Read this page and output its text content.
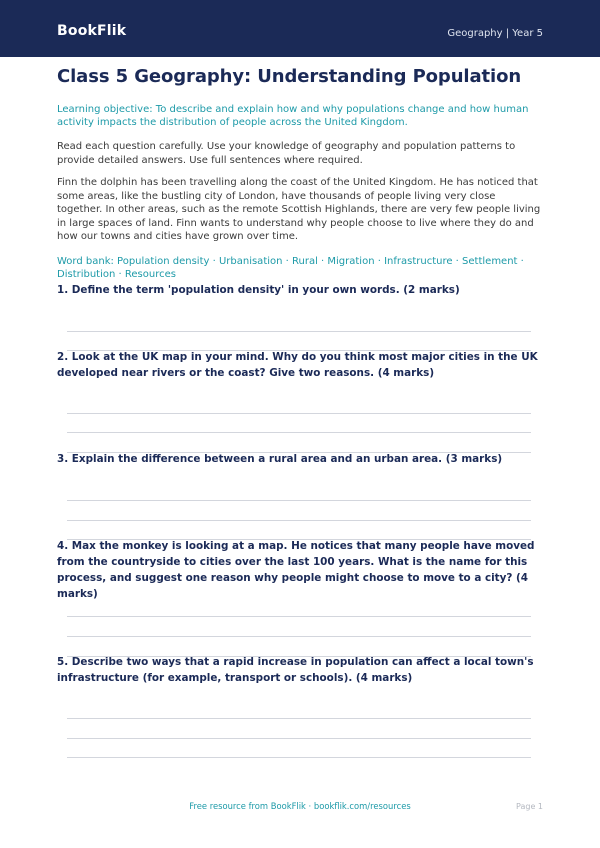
BookFlik	Geography | Year 5
Class 5 Geography: Understanding Population

Learning objective: To describe and explain how and why populations change and how human activity impacts the distribution of people across the United Kingdom.

Read each question carefully. Use your knowledge of geography and population patterns to provide detailed answers. Use full sentences where required.

Finn the dolphin has been travelling along the coast of the United Kingdom. He has noticed that some areas, like the bustling city of London, have thousands of people living very close together. In other areas, such as the remote Scottish Highlands, there are very few people living in large spaces of land. Finn wants to understand why people choose to live where they do and how our towns and cities have grown over time.

Word bank: Population density · Urbanisation · Rural · Migration · Infrastructure · Settlement · Distribution · Resources

1. Define the term 'population density' in your own words. (2 marks)
2. Look at the UK map in your mind. Why do you think most major cities in the UK developed near rivers or the coast? Give two reasons. (4 marks)
3. Explain the difference between a rural area and an urban area. (3 marks)
4. Max the monkey is looking at a map. He notices that many people have moved from the countryside to cities over the last 100 years. What is the name for this process, and suggest one reason why people might choose to move to a city? (4 marks)
5. Describe two ways that a rapid increase in population can affect a local town's infrastructure (for example, transport or schools). (4 marks)
Free resource from BookFlik · bookflik.com/resources	Page 1
